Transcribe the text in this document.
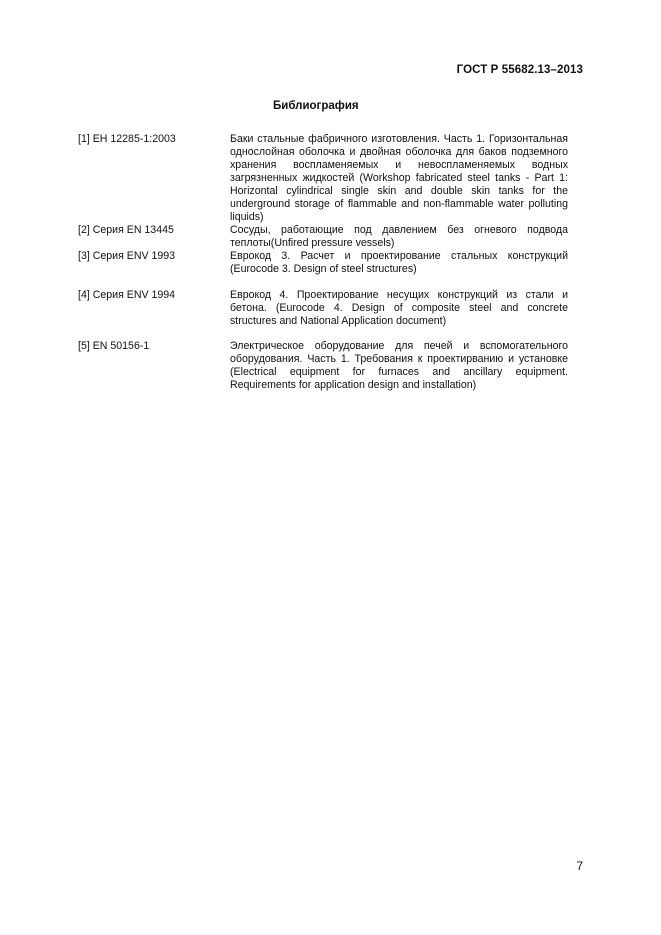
ГОСТ Р 55682.13–2013
Библиография
[1] EH 12285-1:2003	Баки стальные фабричного изготовления. Часть 1. Горизонтальная однослойная оболочка и двойная оболочка для баков подземного хранения воспламеняемых и невоспламеняемых водных загрязненных жидкостей (Workshop fabricated steel tanks - Part 1: Horizontal cylindrical single skin and double skin tanks for the underground storage of flammable and non-flammable water polluting liquids)
[2] Серия EN 13445	Сосуды, работающие под давлением без огневого подвода теплоты(Unfired pressure vessels)
[3] Серия ENV 1993	Еврокод 3. Расчет и проектирование стальных конструкций (Eurocode 3. Design of steel structures)
[4] Серия ENV 1994	Еврокод 4. Проектирование несущих конструкций из стали и бетона. (Eurocode 4. Design of composite steel and concrete structures and National Application document)
[5] EN 50156-1	Электрическое оборудование для печей и вспомогательного оборудования. Часть 1. Требования к проектирванию и установке (Electrical equipment for furnaces and ancillary equipment. Requirements for application design and installation)
7
